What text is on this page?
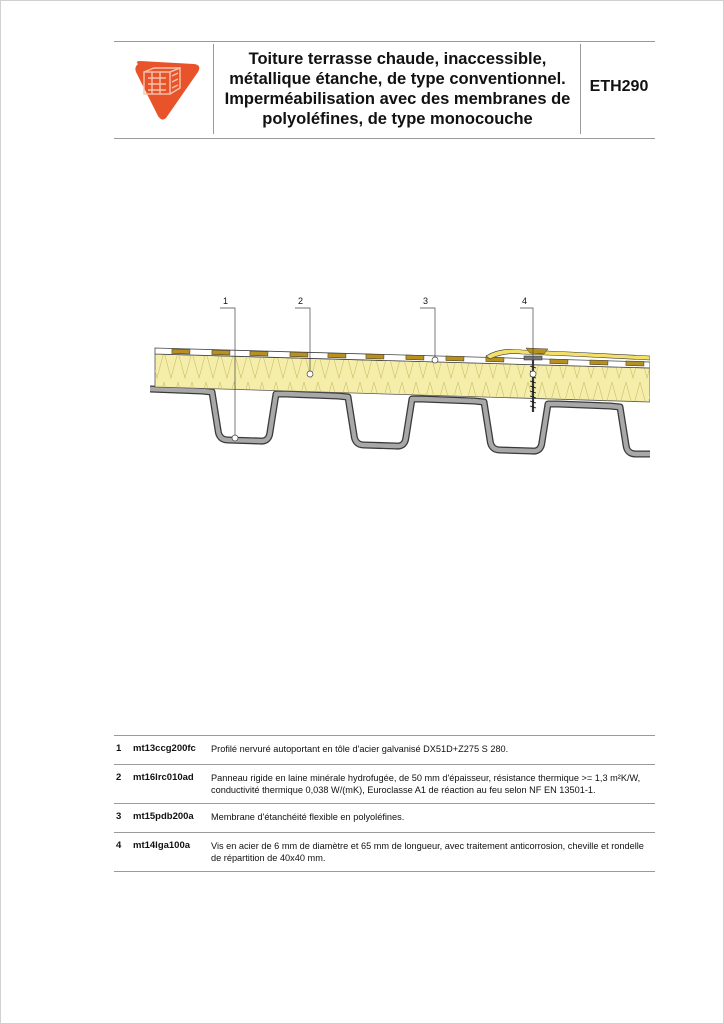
Toiture terrasse chaude, inaccessible, métallique étanche, de type conventionnel. Imperméabilisation avec des membranes de polyoléfines, de type monocouche
ETH290
1	2	3	4
1 mt13ccg200fc Profilé nervuré autoportant en tôle d'acier galvanisé DX51D+Z275 S 280.
2 mt16lrc010ad Panneau rigide en laine minérale hydrofugée, de 50 mm d'épaisseur, résistance thermique >= 1,3 m²K/W, conductivité thermique 0,038 W/(mK), Euroclasse A1 de réaction au feu selon NF EN 13501-1.
3 mt15pdb200a Membrane d'étanchéité flexible en polyoléfines.
4 mt14lga100a Vis en acier de 6 mm de diamètre et 65 mm de longueur, avec traitement anticorrosion, cheville et rondelle de répartition de 40x40 mm.
